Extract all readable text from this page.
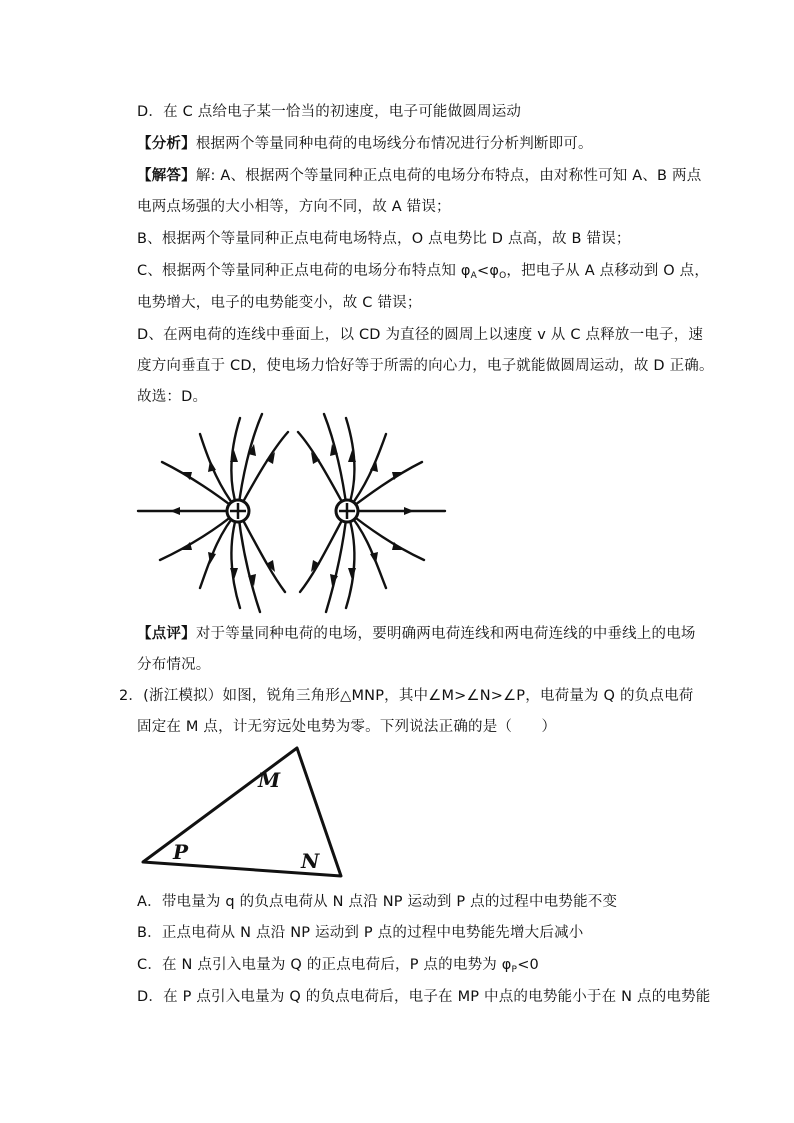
D．在 C 点给电子某一恰当的初速度，电子可能做圆周运动
【分析】根据两个等量同种电荷的电场线分布情况进行分析判断即可。
【解答】解: A、根据两个等量同种正点电荷的电场分布特点，由对称性可知 A、B 两点
电两点场强的大小相等，方向不同，故 A 错误；
B、根据两个等量同种正点电荷电场特点，O 点电势比 D 点高，故 B 错误；
C、根据两个等量同种正点电荷的电场分布特点知 $\varphi_A<\varphi_O$，把电子从 A 点移动到 O 点，
电势增大，电子的电势能变小，故 C 错误；
D、在两电荷的连线中垂面上，以 CD 为直径的圆周上以速度 v 从 C 点释放一电子，速
度方向垂直于 CD，使电场力恰好等于所需的向心力，电子就能做圆周运动，故 D 正确。
故选：D。
【点评】对于等量同种电荷的电场，要明确两电荷连线和两电荷连线的中垂线上的电场
分布情况。
2．(浙江模拟）如图，锐角三角形△MNP，其中∠M>∠N>∠P，电荷量为 Q 的负点电荷
固定在 M 点，计无穷远处电势为零。下列说法正确的是（　　）
M
P	N
A．带电量为 q 的负点电荷从 N 点沿 NP 运动到 P 点的过程中电势能不变
B．正点电荷从 N 点沿 NP 运动到 P 点的过程中电势能先增大后减小
C．在 N 点引入电量为 Q 的正点电荷后，P 点的电势为 $\varphi_P<0$
D．在 P 点引入电量为 Q 的负点电荷后，电子在 MP 中点的电势能小于在 N 点的电势能
